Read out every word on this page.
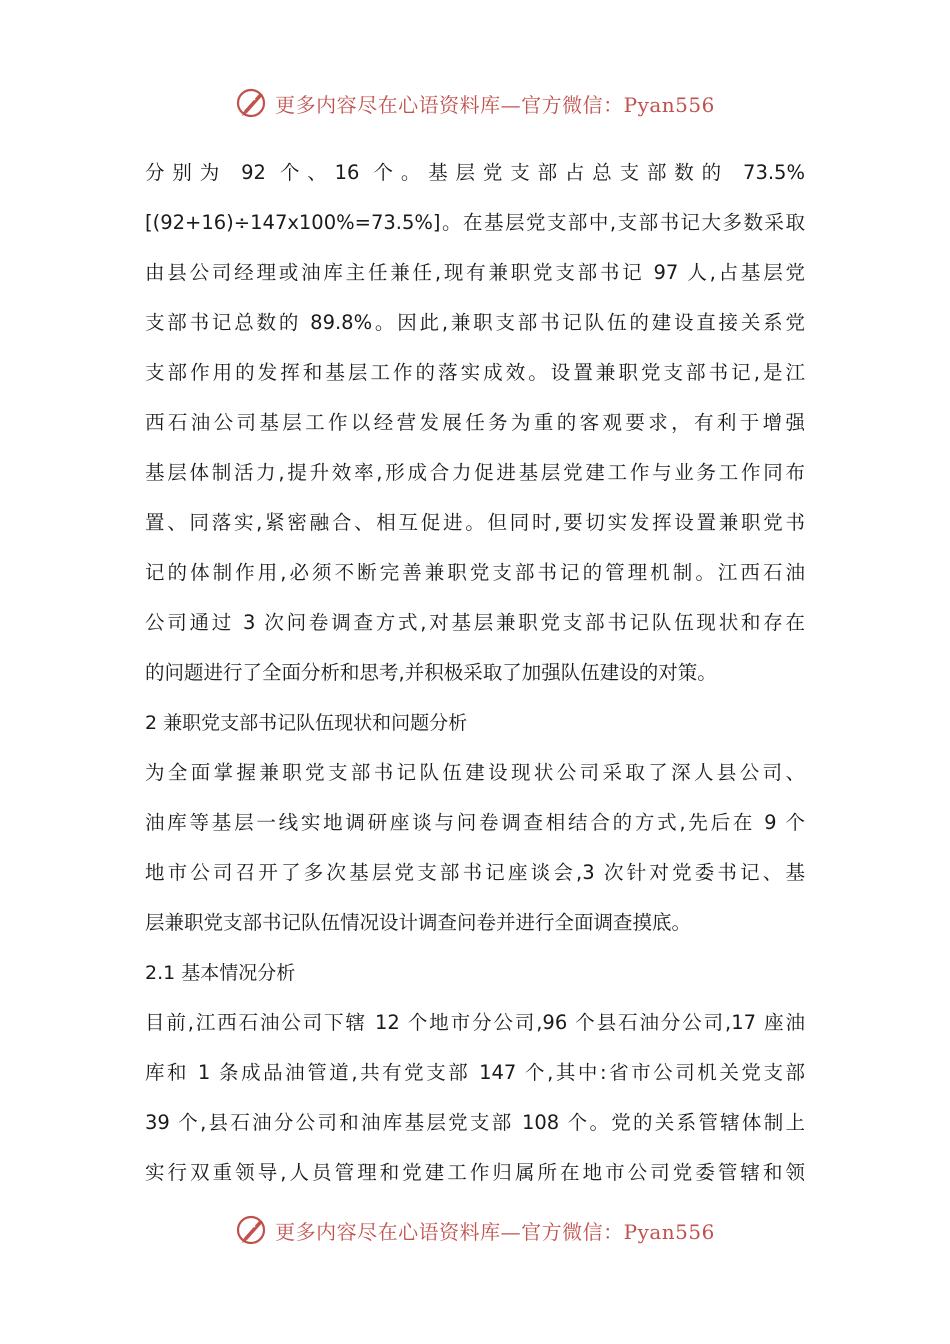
更多内容尽在心语资料库—官方微信：Pyan556
分别为 92 个、16 个。基层党支部占总支部数的 73.5%
[(92+16)÷147x100%=73.5%]。在基层党支部中,支部书记大多数采取
由县公司经理或油库主任兼任,现有兼职党支部书记 97 人,占基层党
支部书记总数的 89.8%。因此,兼职支部书记队伍的建设直接关系党
支部作用的发挥和基层工作的落实成效。设置兼职党支部书记,是江
西石油公司基层工作以经营发展任务为重的客观要求，有利于增强
基层体制活力,提升效率,形成合力促进基层党建工作与业务工作同布
置、同落实,紧密融合、相互促进。但同时,要切实发挥设置兼职党书
记的体制作用,必须不断完善兼职党支部书记的管理机制。江西石油
公司通过 3 次问卷调查方式,对基层兼职党支部书记队伍现状和存在
的问题进行了全面分析和思考,并积极采取了加强队伍建设的对策。
2 兼职党支部书记队伍现状和问题分析
为全面掌握兼职党支部书记队伍建设现状公司采取了深人县公司、
油库等基层一线实地调研座谈与问卷调查相结合的方式,先后在 9 个
地市公司召开了多次基层党支部书记座谈会,3 次针对党委书记、基
层兼职党支部书记队伍情况设计调查问卷并进行全面调查摸底。
2.1 基本情况分析
目前,江西石油公司下辖 12 个地市分公司,96 个县石油分公司,17 座油
库和 1 条成品油管道,共有党支部 147 个,其中:省市公司机关党支部
39 个,县石油分公司和油库基层党支部 108 个。党的关系管辖体制上
实行双重领导,人员管理和党建工作归属所在地市公司党委管辖和领
更多内容尽在心语资料库—官方微信：Pyan556
